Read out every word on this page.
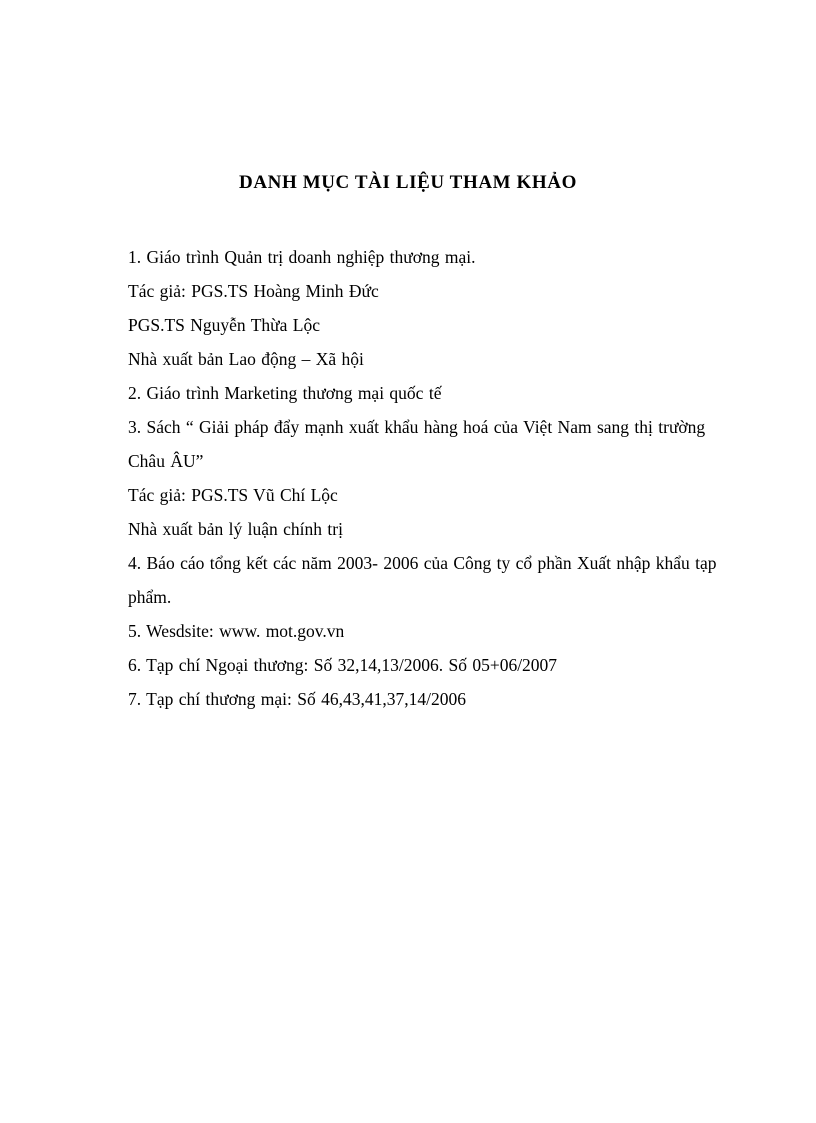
DANH MỤC TÀI LIỆU THAM KHẢO
1. Giáo trình Quản trị doanh nghiệp thương mại.
Tác giả: PGS.TS Hoàng Minh Đức
PGS.TS Nguyễn Thừa Lộc
Nhà xuất bản Lao động – Xã hội
2. Giáo trình Marketing thương mại quốc tế
3. Sách “ Giải pháp đẩy mạnh xuất khẩu hàng hoá của Việt Nam sang thị trường Châu ÂU”
Tác giả: PGS.TS Vũ Chí Lộc
Nhà xuất bản lý luận chính trị
4. Báo cáo tổng kết các năm 2003- 2006 của Công ty cổ phần Xuất nhập khẩu tạp phẩm.
5. Wesdsite: www. mot.gov.vn
6. Tạp chí Ngoại thương: Số 32,14,13/2006. Số 05+06/2007
7. Tạp chí thương mại: Số 46,43,41,37,14/2006
